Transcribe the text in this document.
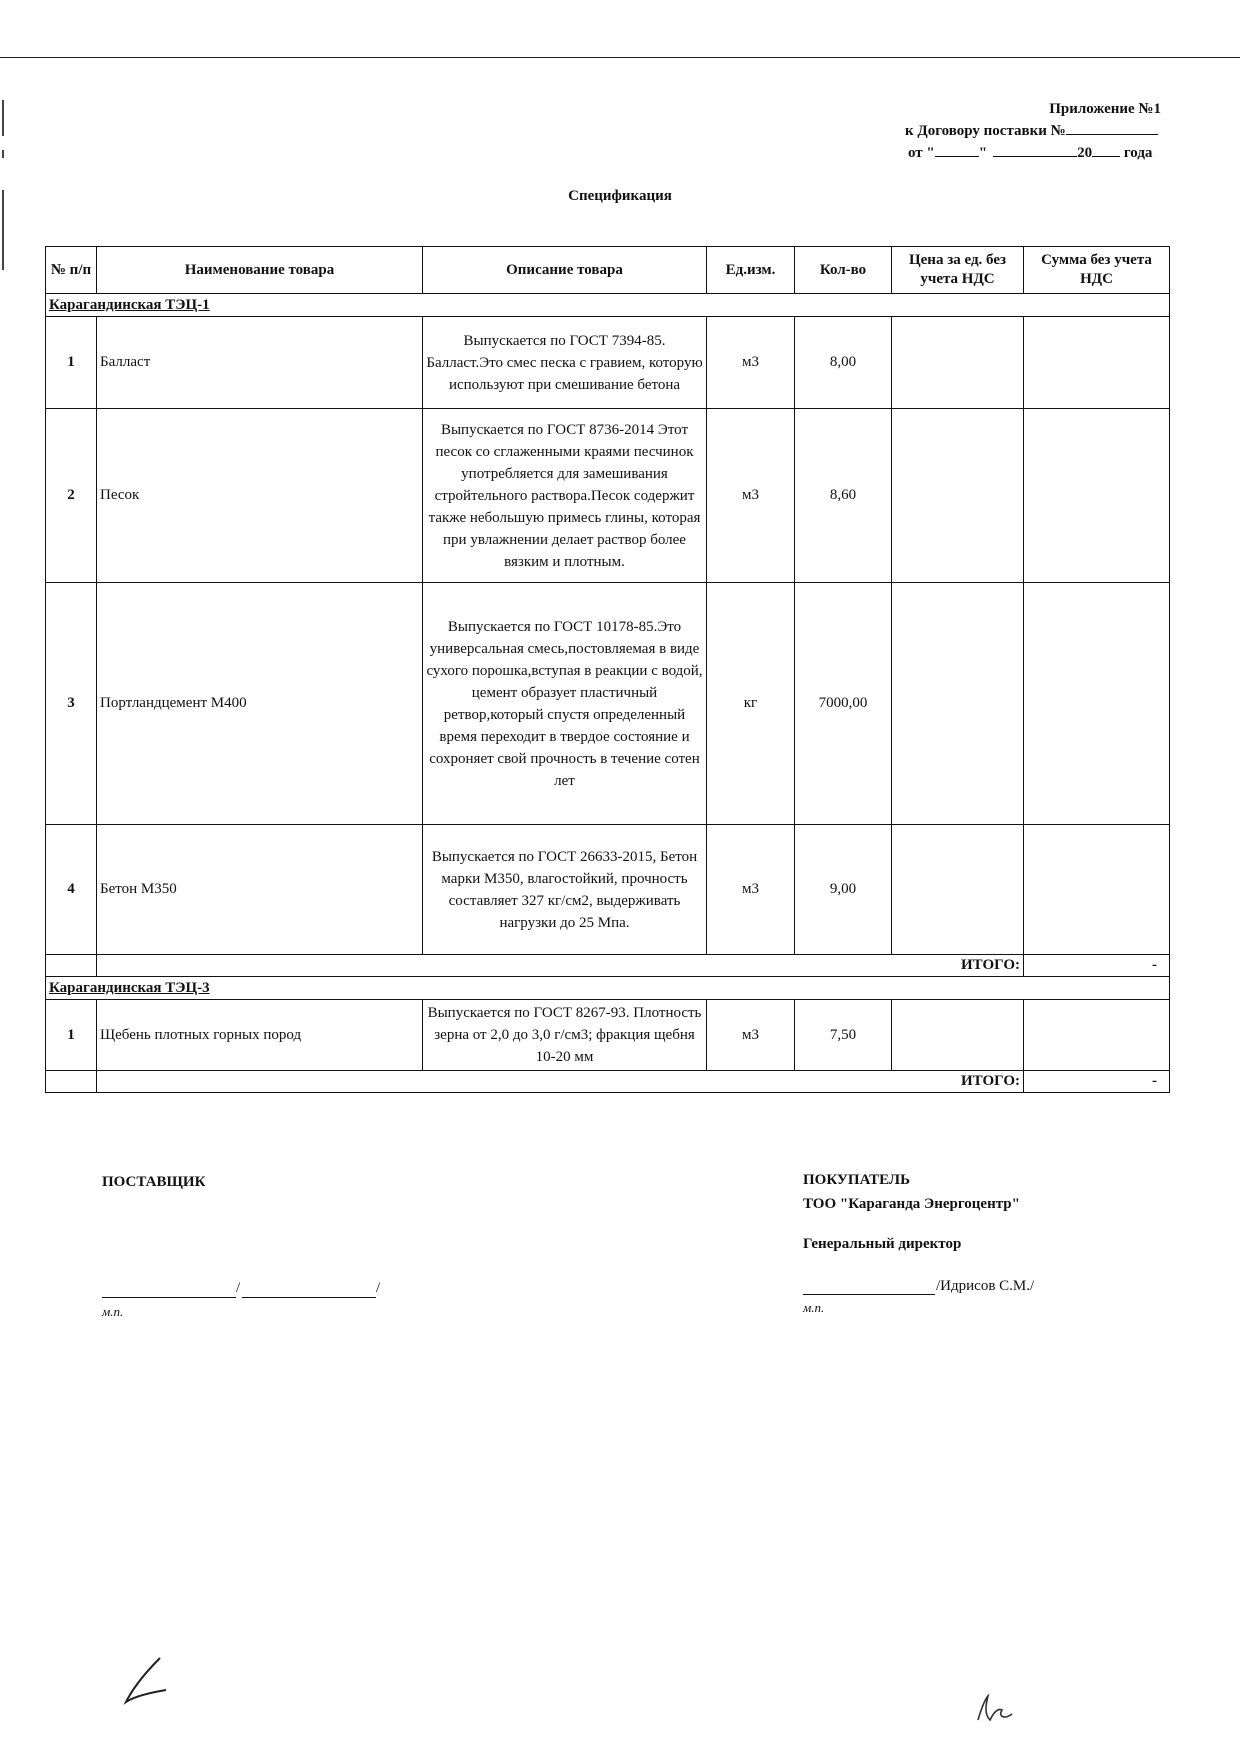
Приложение №1
к Договору поставки №
от "	"	20 года
Спецификация
№ п/п	Наименование товара	Описание товара	Ед.изм.	Кол-во	Цена за ед. без учета НДС	Сумма без учета НДС
Карагандинская ТЭЦ-1						
1	Балласт	Выпускается по ГОСТ 7394-85. Балласт.Это смес песка с гравием, которую используют при смешивание бетона	м3	8,00		
2	Песок	Выпускается по ГОСТ 8736-2014 Этот песок со сглаженными краями песчинок употребляется для замешивания стройтельного раствора.Песок содержит также небольшую примесь глины, которая при увлажнении делает раствор более вязким и плотным.	м3	8,60		
3	Портландцемент М400	Выпускается по ГОСТ 10178-85.Это универсальная смесь,постовляемая в виде сухого порошка,вступая в реакции с водой, цемент образует пластичный ретвор,который спустя определенный время переходит в твердое состояние и сохроняет свой прочность в течение сотен лет	кг	7000,00		
4	Бетон М350	Выпускается по ГОСТ 26633-2015, Бетон марки М350, влагостойкий, прочность составляет 327 кг/см2, выдерживать нагрузки до 25 Мпа.	м3	9,00		
	ИТОГО:					-
Карагандинская ТЭЦ-3						
1	Щебень плотных горных пород	Выпускается по ГОСТ 8267-93. Плотность зерна от 2,0 до 3,0 г/см3; фракция щебня 10-20 мм	м3	7,50		
	ИТОГО:					-
ПОСТАВЩИК
/	/
м.п.
ПОКУПАТЕЛЬ
ТОО "Караганда Энергоцентр"
Генеральный директор
/Идрисов С.М./
м.п.
